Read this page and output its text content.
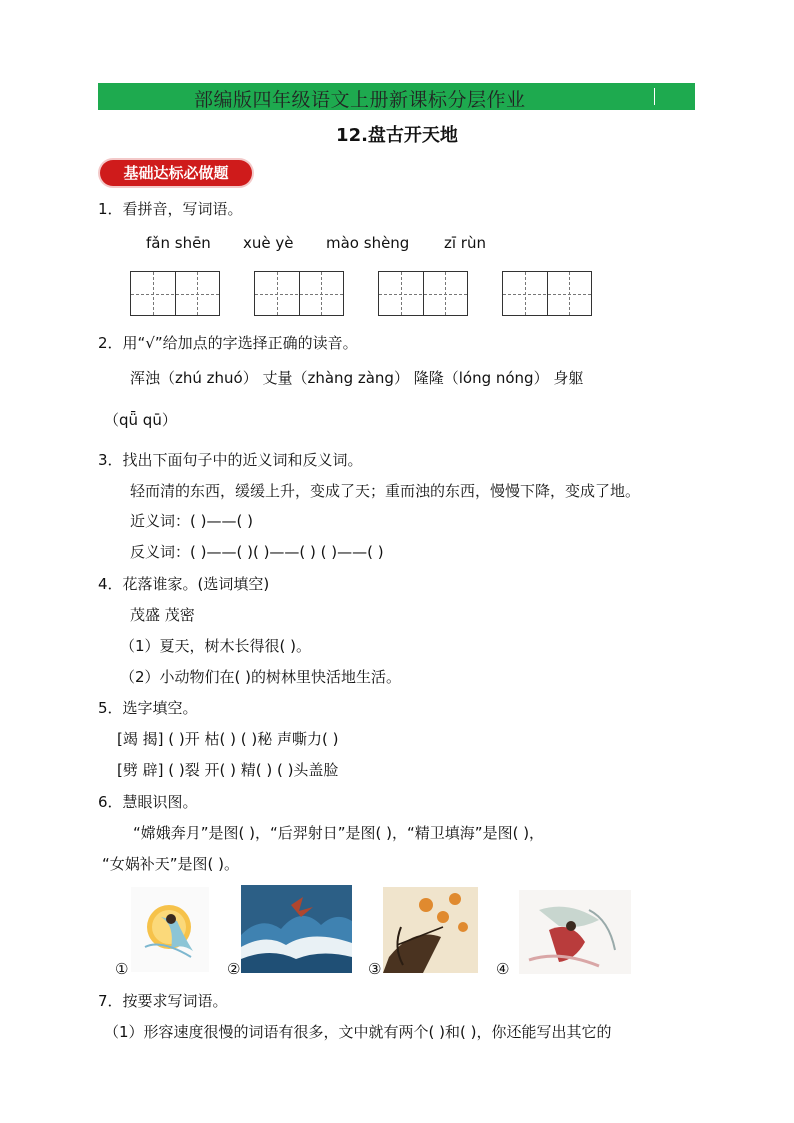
部编版四年级语文上册新课标分层作业
12.盘古开天地
基础达标必做题
1．看拼音，写词语。
fǎn shēn xuè yè mào shèng zī rùn
2．用“√”给加点的字选择正确的读音。
浑浊（zhú zhuó） 丈量（zhàng zàng） 隆隆（lóng nóng） 身躯
（qǖ qū）
3．找出下面句子中的近义词和反义词。
轻而清的东西，缓缓上升，变成了天；重而浊的东西，慢慢下降，变成了地。
近义词：( )——( )
反义词：( )——( )( )——( ) ( )——( )
4．花落谁家。(选词填空)
茂盛 茂密
（1）夏天，树木长得很( )。
（2）小动物们在( )的树林里快活地生活。
5．选字填空。
[竭 揭] ( )开 枯( ) ( )秘 声嘶力( )
[劈 辟] ( )裂 开( ) 精( ) ( )头盖脸
6．慧眼识图。
“嫦娥奔月”是图( )，“后羿射日”是图( )，“精卫填海”是图( )，
“女娲补天”是图( )。
①	②	③	④
7．按要求写词语。
（1）形容速度很慢的词语有很多，文中就有两个( )和( )，你还能写出其它的
